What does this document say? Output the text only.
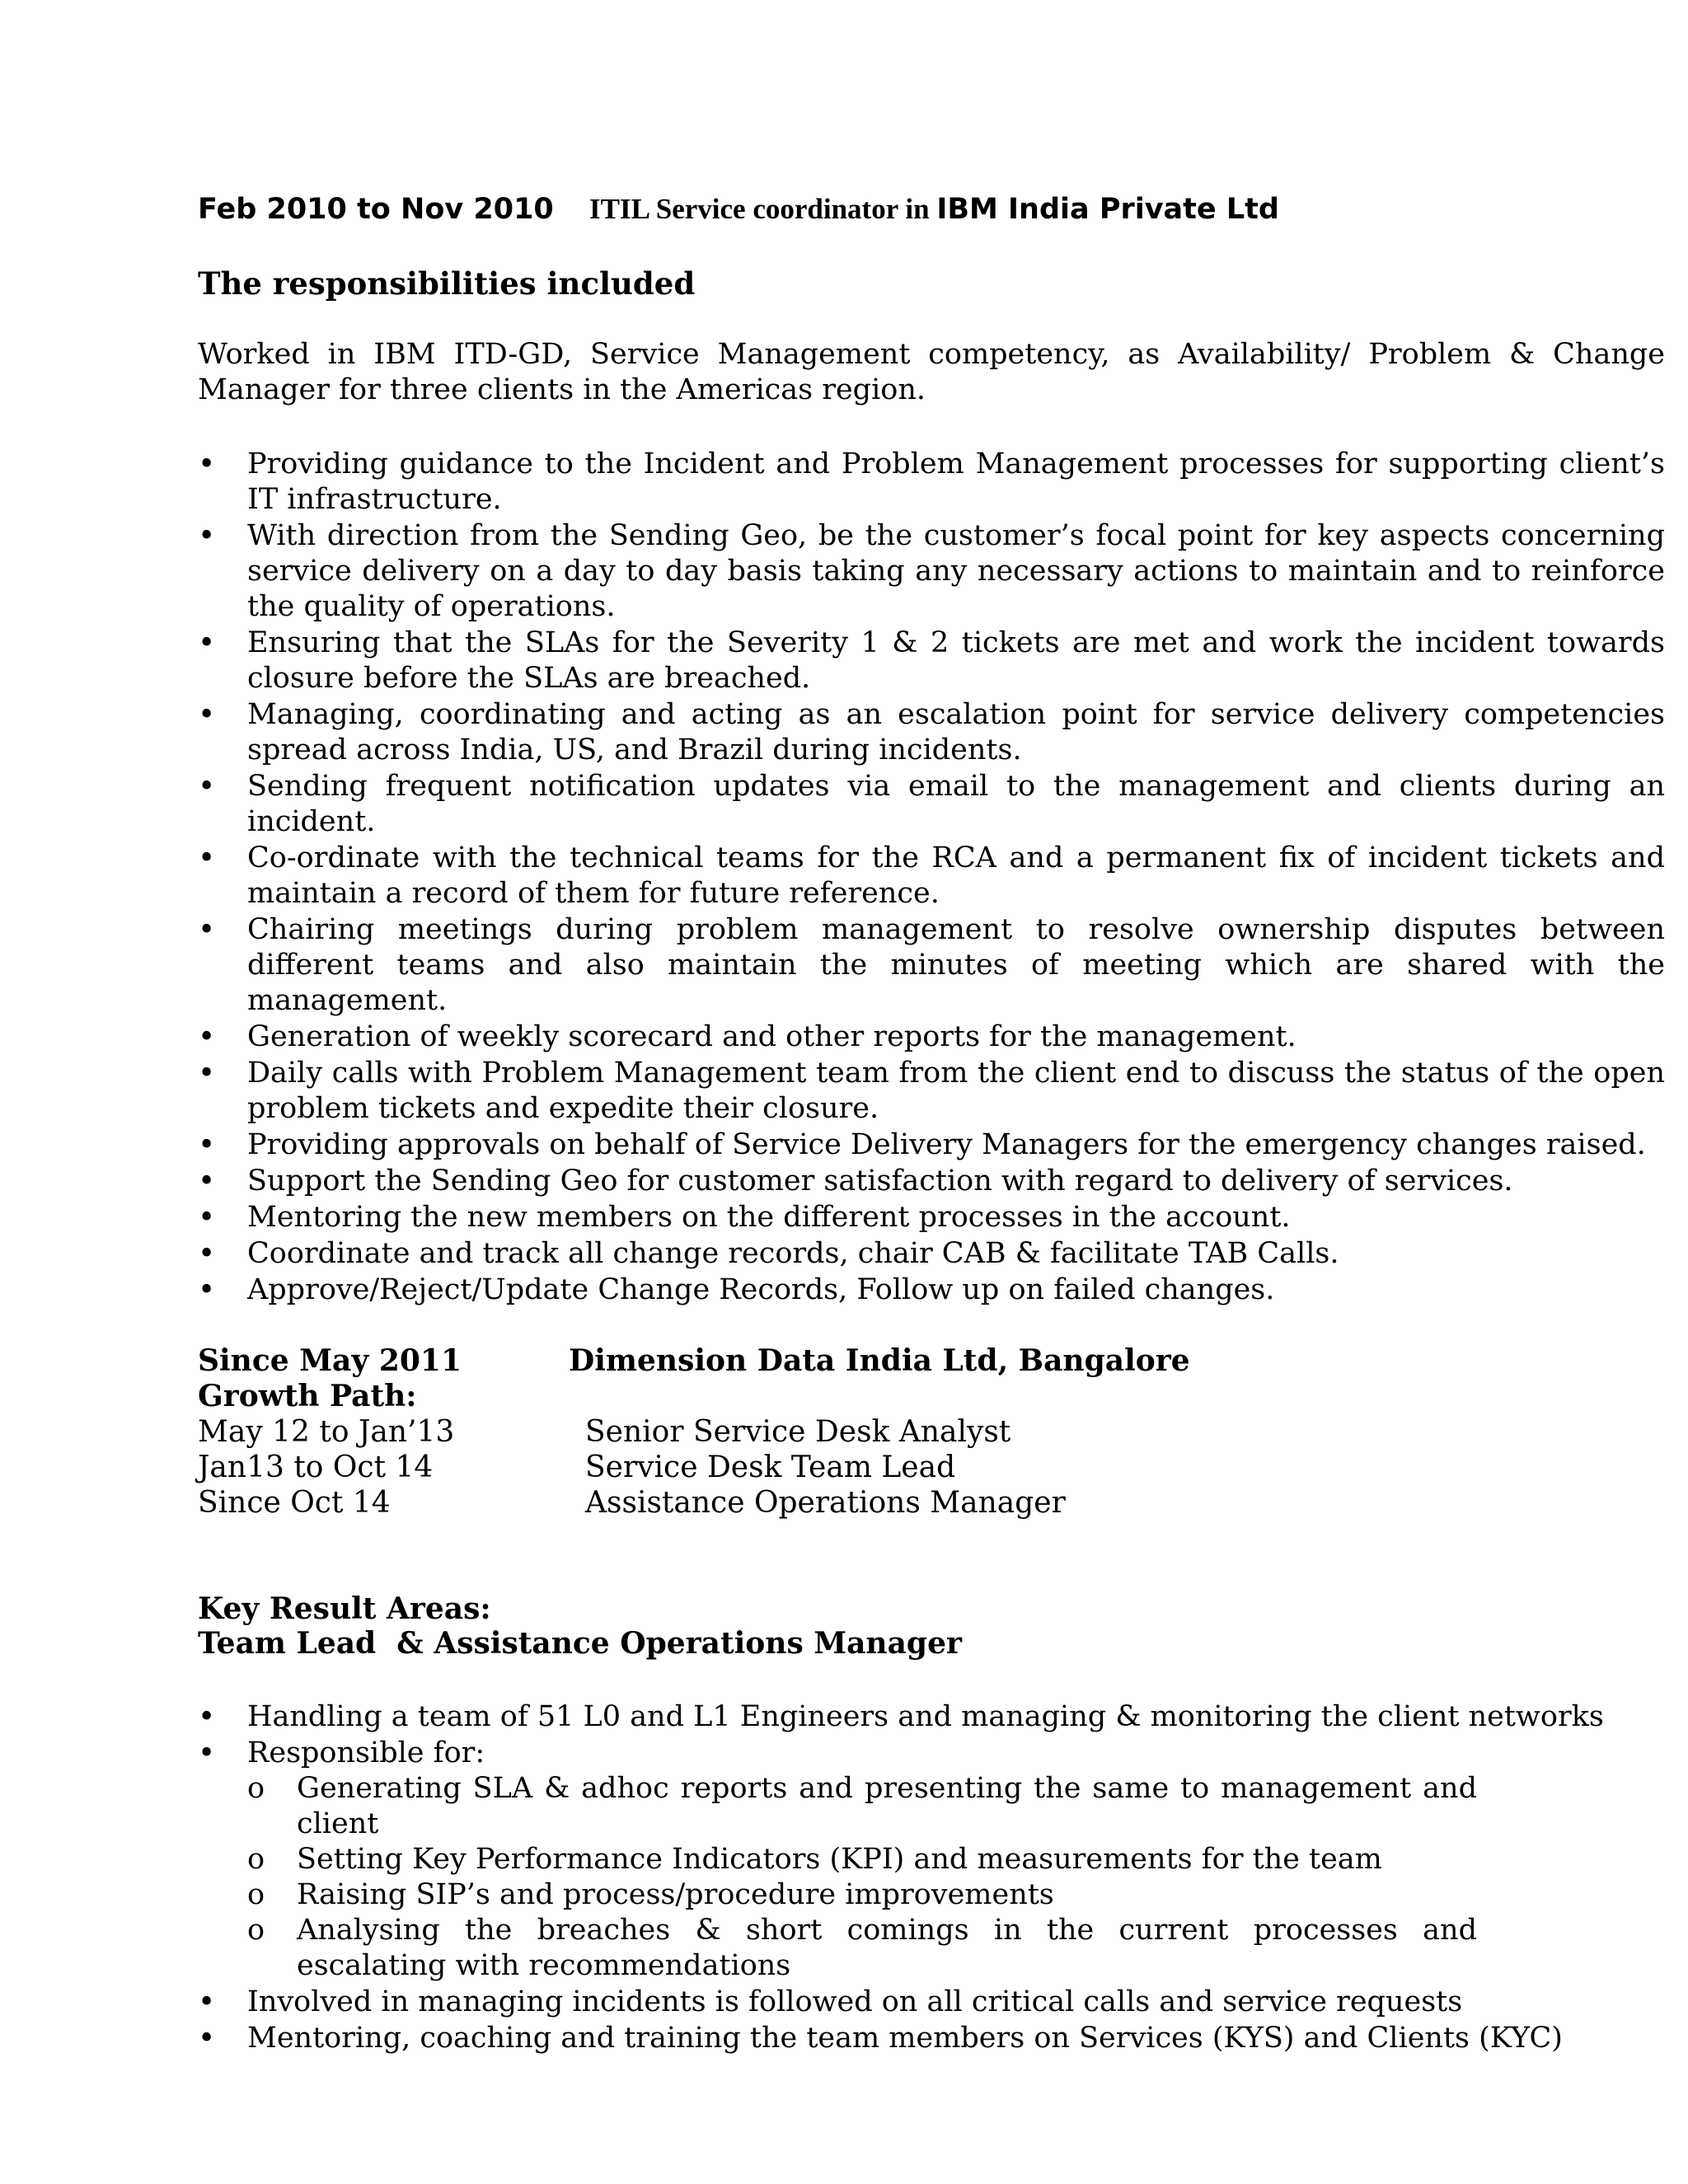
Feb 2010 to Nov 2010	ITIL Service coordinator in IBM India Private Ltd
The responsibilities included
Worked in IBM ITD-GD, Service Management competency, as Availability/ Problem & Change Manager for three clients in the Americas region.
• Providing guidance to the Incident and Problem Management processes for supporting client’s IT infrastructure.
• With direction from the Sending Geo, be the customer’s focal point for key aspects concerning service delivery on a day to day basis taking any necessary actions to maintain and to reinforce the quality of operations.
• Ensuring that the SLAs for the Severity 1 & 2 tickets are met and work the incident towards closure before the SLAs are breached.
• Managing, coordinating and acting as an escalation point for service delivery competencies spread across India, US, and Brazil during incidents.
• Sending frequent notification updates via email to the management and clients during an incident.
• Co-ordinate with the technical teams for the RCA and a permanent fix of incident tickets and maintain a record of them for future reference.
• Chairing meetings during problem management to resolve ownership disputes between different teams and also maintain the minutes of meeting which are shared with the management.
• Generation of weekly scorecard and other reports for the management.
• Daily calls with Problem Management team from the client end to discuss the status of the open problem tickets and expedite their closure.
• Providing approvals on behalf of Service Delivery Managers for the emergency changes raised.
• Support the Sending Geo for customer satisfaction with regard to delivery of services.
• Mentoring the new members on the different processes in the account.
• Coordinate and track all change records, chair CAB & facilitate TAB Calls.
• Approve/Reject/Update Change Records, Follow up on failed changes.
Since May 2011	Dimension Data India Ltd, Bangalore
Growth Path:
May 12 to Jan’13	Senior Service Desk Analyst
Jan13 to Oct 14	Service Desk Team Lead
Since Oct 14	Assistance Operations Manager
Key Result Areas:
Team Lead  & Assistance Operations Manager
• Handling a team of 51 L0 and L1 Engineers and managing & monitoring the client networks
• Responsible for:
o Generating SLA & adhoc reports and presenting the same to management and client
o Setting Key Performance Indicators (KPI) and measurements for the team
o Raising SIP’s and process/procedure improvements
o Analysing the breaches & short comings in the current processes and escalating with recommendations
• Involved in managing incidents is followed on all critical calls and service requests
• Mentoring, coaching and training the team members on Services (KYS) and Clients (KYC)
